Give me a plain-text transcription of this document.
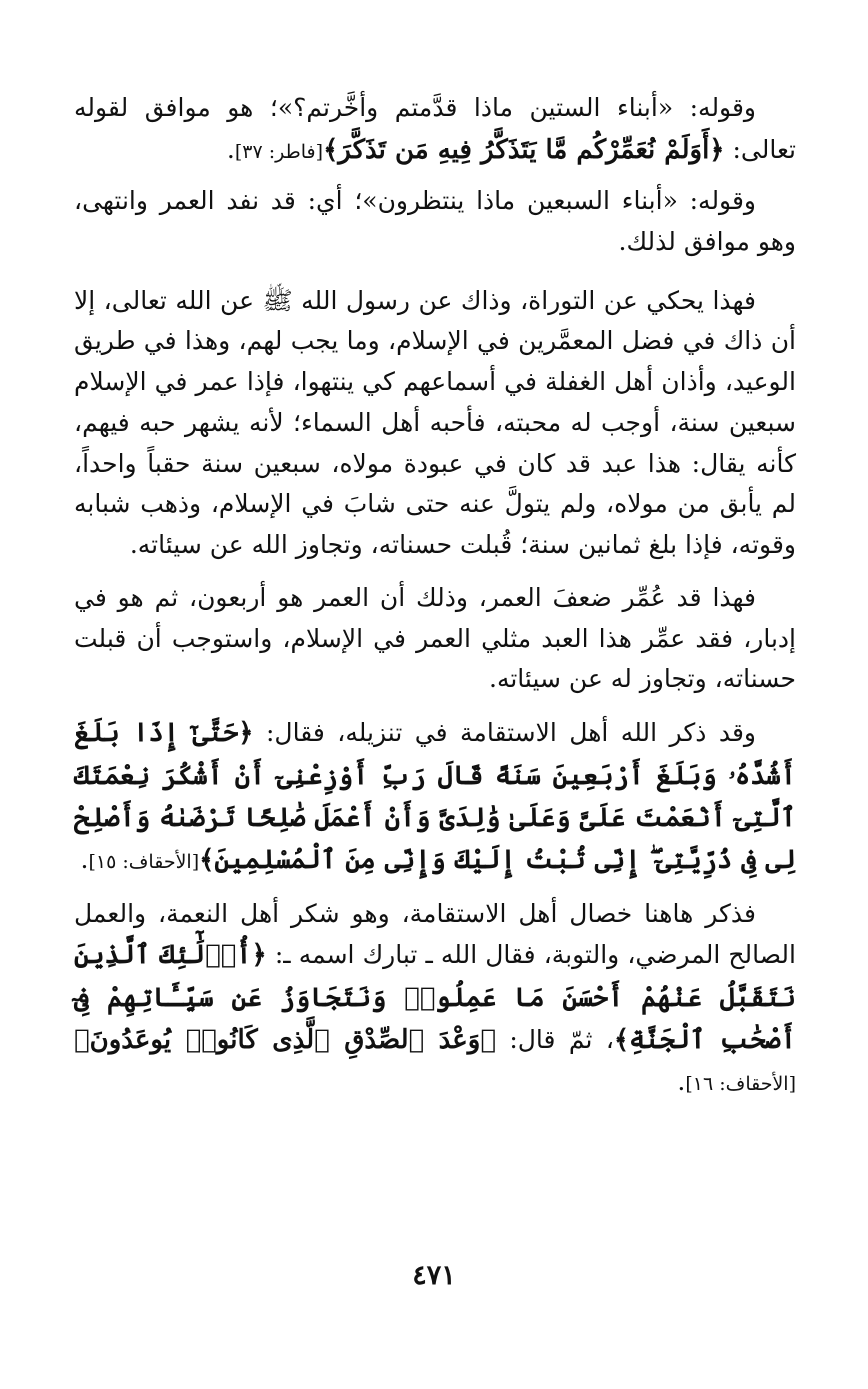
وقوله: «أبناء الستين ماذا قدَّمتم وأخَّرتم؟»؛ هو موافق لقوله تعالى: ﴿أَوَلَمْ نُعَمِّرْكُم مَّا يَتَذَكَّرُ فِيهِ مَن تَذَكَّرَ﴾[فاطر: ٣٧].

وقوله: «أبناء السبعين ماذا ينتظرون»؛ أي: قد نفد العمر وانتهى، وهو موافق لذلك.

فهذا يحكي عن التوراة، وذاك عن رسول الله ﷺ عن الله تعالى، إلا أن ذاك في فضل المعمَّرين في الإسلام، وما يجب لهم، وهذا في طريق الوعيد، وأذان أهل الغفلة في أسماعهم كي ينتهوا، فإذا عمر في الإسلام سبعين سنة، أوجب له محبته، فأحبه أهل السماء؛ لأنه يشهر حبه فيهم، كأنه يقال: هذا عبد قد كان في عبودة مولاه، سبعين سنة حقباً واحداً، لم يأبق من مولاه، ولم يتولَّ عنه حتى شابَ في الإسلام، وذهب شبابه وقوته، فإذا بلغ ثمانين سنة؛ قُبلت حسناته، وتجاوز الله عن سيئاته.

فهذا قد عُمِّر ضعفَ العمر، وذلك أن العمر هو أربعون، ثم هو في إدبار، فقد عمِّر هذا العبد مثلي العمر في الإسلام، واستوجب أن قبلت حسناته، وتجاوز له عن سيئاته.

وقد ذكر الله أهل الاستقامة في تنزيله، فقال: ﴿حَتَّىٰٓ إِذَا بَلَغَ أَشُدَّهُۥ وَبَلَغَ أَرْبَعِينَ سَنَةً قَالَ رَبِّ أَوْزِعْنِىٓ أَنْ أَشْكُرَ نِعْمَتَكَ ٱلَّتِىٓ أَنْعَمْتَ عَلَىَّ وَعَلَىٰ وَٰلِدَىَّ وَأَنْ أَعْمَلَ صَٰلِحًا تَرْضَىٰهُ وَأَصْلِحْ لِى فِى ذُرِّيَّتِىٓ ۖ إِنِّى تُبْتُ إِلَيْكَ وَإِنِّى مِنَ ٱلْمُسْلِمِينَ﴾[الأحقاف: ١٥].

فذكر هاهنا خصال أهل الاستقامة، وهو شكر أهل النعمة، والعمل الصالح المرضي، والتوبة، فقال الله ـ تبارك اسمه ـ: ﴿أُو۟لَٰٓئِكَ ٱلَّذِينَ نَتَقَبَّلُ عَنْهُمْ أَحْسَنَ مَا عَمِلُوا۟ وَنَتَجَاوَزُ عَن سَيِّـَٔاتِهِمْ فِىٓ أَصْحَٰبِ ٱلْجَنَّةِ﴾، ثمّ قال: ﴿وَعْدَ ٱلصِّدْقِ ٱلَّذِى كَانُوا۟ يُوعَدُونَ﴾[الأحقاف: ١٦].

٤٧١
